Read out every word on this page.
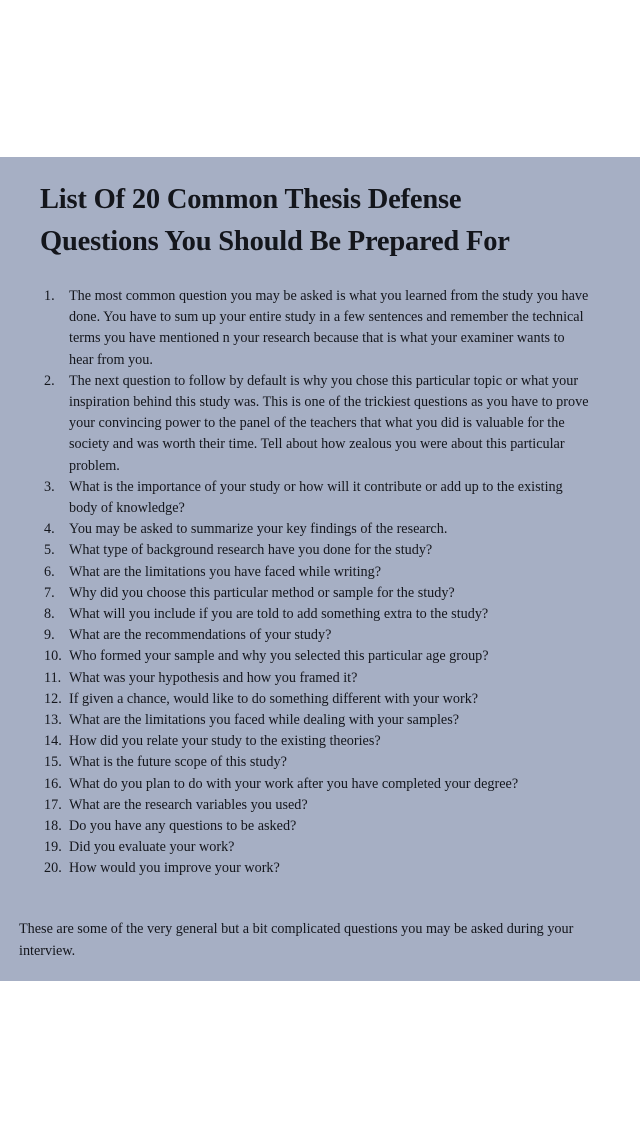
List Of 20 Common Thesis Defense
Questions You Should Be Prepared For
1. The most common question you may be asked is what you learned from the study you have done. You have to sum up your entire study in a few sentences and remember the technical terms you have mentioned n your research because that is what your examiner wants to hear from you.
2. The next question to follow by default is why you chose this particular topic or what your inspiration behind this study was. This is one of the trickiest questions as you have to prove your convincing power to the panel of the teachers that what you did is valuable for the society and was worth their time. Tell about how zealous you were about this particular problem.
3. What is the importance of your study or how will it contribute or add up to the existing body of knowledge?
4. You may be asked to summarize your key findings of the research.
5. What type of background research have you done for the study?
6. What are the limitations you have faced while writing?
7. Why did you choose this particular method or sample for the study?
8. What will you include if you are told to add something extra to the study?
9. What are the recommendations of your study?
10. Who formed your sample and why you selected this particular age group?
11. What was your hypothesis and how you framed it?
12. If given a chance, would like to do something different with your work?
13. What are the limitations you faced while dealing with your samples?
14. How did you relate your study to the existing theories?
15. What is the future scope of this study?
16. What do you plan to do with your work after you have completed your degree?
17. What are the research variables you used?
18. Do you have any questions to be asked?
19. Did you evaluate your work?
20. How would you improve your work?

These are some of the very general but a bit complicated questions you may be asked during your interview.
